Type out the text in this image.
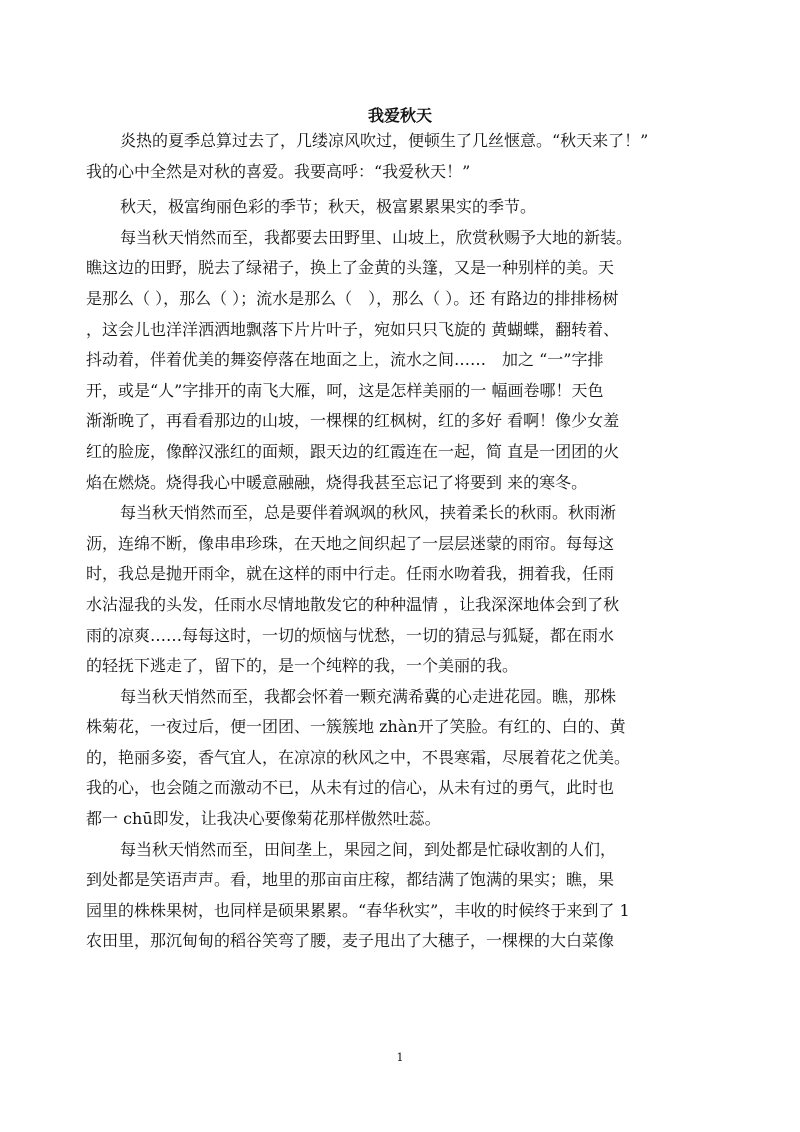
我爱秋天
炎热的夏季总算过去了，几缕凉风吹过，便顿生了几丝惬意。“秋天来了！”
我的心中全然是对秋的喜爱。我要高呼：“我爱秋天！”
秋天，极富绚丽色彩的季节；秋天，极富累累果实的季节。
每当秋天悄然而至，我都要去田野里、山坡上，欣赏秋赐予大地的新装。
瞧这边的田野，脱去了绿裙子，换上了金黄的头篷，又是一种别样的美。天
是那么（ ），那么（ ）；流水是那么（　），那么（ ）。还 有路边的排排杨树
，这会儿也洋洋洒洒地飘落下片片叶子，宛如只只飞旋的 黄蝴蝶，翻转着、
抖动着，伴着优美的舞姿停落在地面之上，流水之间……　加之 “一”字排
开，或是“人”字排开的南飞大雁，呵，这是怎样美丽的一 幅画卷哪！天色
渐渐晚了，再看看那边的山坡，一棵棵的红枫树，红的多好 看啊！像少女羞
红的脸庞，像醉汉涨红的面颊，跟天边的红霞连在一起，简 直是一团团的火
焰在燃烧。烧得我心中暖意融融，烧得我甚至忘记了将要到 来的寒冬。
每当秋天悄然而至，总是要伴着飒飒的秋风，挟着柔长的秋雨。秋雨淅
沥，连绵不断，像串串珍珠，在天地之间织起了一层层迷蒙的雨帘。每每这
时，我总是抛开雨伞，就在这样的雨中行走。任雨水吻着我，拥着我，任雨
水沾湿我的头发，任雨水尽情地散发它的种种温情 ，让我深深地体会到了秋
雨的凉爽……每每这时，一切的烦恼与忧愁，一切的猜忌与狐疑，都在雨水
的轻抚下逃走了，留下的，是一个纯粹的我，一个美丽的我。
每当秋天悄然而至，我都会怀着一颗充满希冀的心走进花园。瞧，那株
株菊花，一夜过后，便一团团、一簇簇地 zhàn开了笑脸。有红的、白的、黄
的，艳丽多姿，香气宜人，在凉凉的秋风之中，不畏寒霜，尽展着花之优美。
我的心，也会随之而激动不已，从未有过的信心，从未有过的勇气，此时也
都一 chū即发，让我决心要像菊花那样傲然吐蕊。
每当秋天悄然而至，田间垄上，果园之间，到处都是忙碌收割的人们，
到处都是笑语声声。看，地里的那亩亩庄稼，都结满了饱满的果实；瞧，果
园里的株株果树，也同样是硕果累累。“春华秋实”，丰收的时候终于来到了 1
农田里，那沉甸甸的稻谷笑弯了腰，麦子甩出了大穗子，一棵棵的大白菜像
1
